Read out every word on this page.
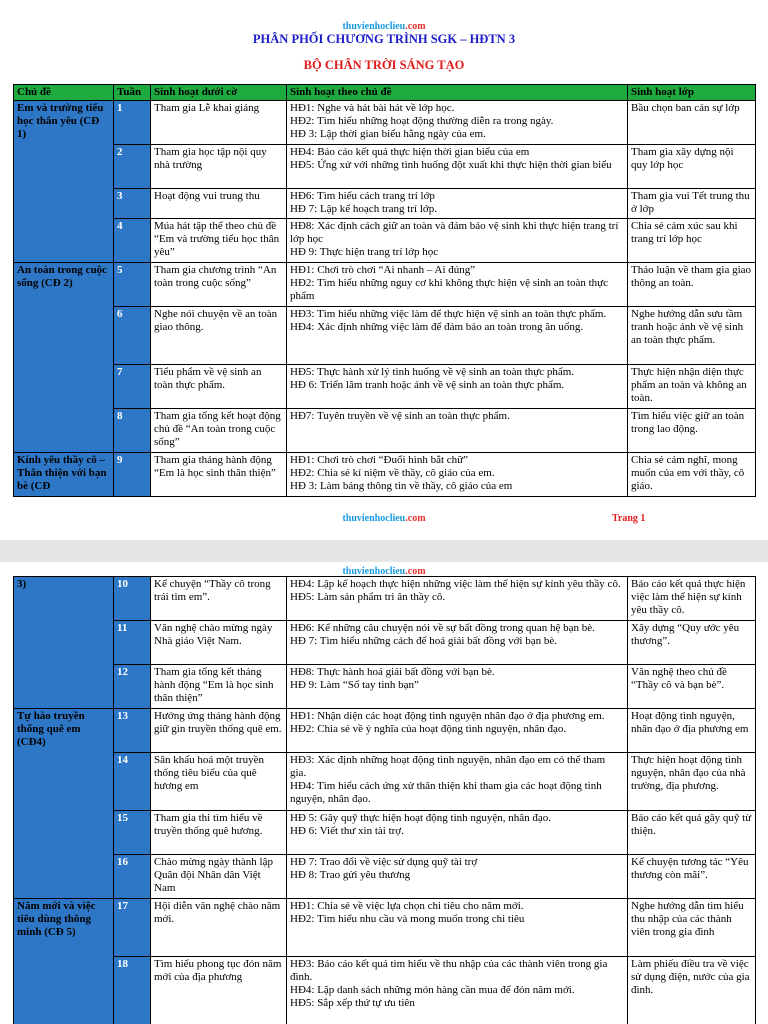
thuvienhoclieu.com
PHÂN PHỐI CHƯƠNG TRÌNH SGK – HĐTN 3
BỘ CHÂN TRỜI SÁNG TẠO
Chủ đề	Tuần	Sinh hoạt dưới cờ	Sinh hoạt theo chủ đề	Sinh hoạt lớp
Em và trường tiểu học thân yêu (CĐ 1)	1	Tham gia Lễ khai giảng	HĐ1: Nghe và hát bài hát về lớp học.
HĐ2: Tìm hiểu những hoạt động thường diễn ra trong ngày.
HĐ 3: Lập thời gian biểu hằng ngày của em.	Bầu chọn ban cán sự lớp
	2	Tham gia học tập nội quy nhà trường	HĐ4: Báo cáo kết quả thực hiện thời gian biểu của em
HĐ5: Ứng xử với những tình huống đột xuất khi thực hiện thời gian biểu	Tham gia xây dựng nội quy lớp học
	3	Hoạt động vui trung thu	HĐ6: Tìm hiểu cách trang trí lớp
HĐ 7: Lập kế hoạch trang trí lớp.	Tham gia vui Tết trung thu ở lớp
	4	Múa hát tập thể theo chủ đề “Em và trường tiểu học thân yêu”	HĐ8: Xác định cách giữ an toàn và đảm bảo vệ sinh khi thực hiện trang trí lớp học
HĐ 9: Thực hiện trang trí lớp học	Chia sẻ cảm xúc sau khi trang trí lớp học
An toàn trong cuộc sống (CĐ 2)	5	Tham gia chương trình “An toàn trong cuộc sống”	HĐ1: Chơi trò chơi “Ai nhanh – Ai đúng”
HĐ2: Tìm hiểu những nguy cơ khi không thực hiện vệ sinh an toàn thực phẩm	Thảo luận về tham gia giao thông an toàn.
	6	Nghe nói chuyện về an toàn giao thông.	HĐ3: Tìm hiểu những việc làm để thực hiện vệ sinh an toàn thực phẩm.
HĐ4: Xác định những việc làm để đảm bảo an toàn trong ăn uống.	Nghe hướng dẫn sưu tầm tranh hoặc ảnh về vệ sinh an toàn thực phẩm.
	7	Tiểu phẩm về vệ sinh an toàn thực phẩm.	HĐ5: Thực hành xử lý tình huống về vệ sinh an toàn thực phẩm.
HĐ 6: Triển lãm tranh hoặc ảnh về vệ sinh an toàn thực phẩm.	Thực hiện nhận diện thực phẩm an toàn và không an toàn.
	8	Tham gia tổng kết hoạt động chủ đề “An toàn trong cuộc sống”	HĐ7: Tuyên truyền về vệ sinh an toàn thực phẩm.	Tìm hiểu việc giữ an toàn trong lao động.
Kính yêu thầy cô – Thân thiện với bạn bè (CĐ	9	Tham gia tháng hành động “Em là học sinh thân thiện”	HĐ1: Chơi trò chơi “Đuổi hình bắt chữ”
HĐ2: Chia sẻ kỉ niệm về thầy, cô giáo của em.
HĐ 3: Làm bảng thông tin về thầy, cô giáo của em	Chia sẻ cảm nghĩ, mong muốn của em với thầy, cô giáo.
thuvienhoclieu.com	Trang 1
thuvienhoclieu.com
3)	10	Kể chuyện “Thầy cô trong trái tim em”.	HĐ4: Lập kế hoạch thực hiện những việc làm thể hiện sự kính yêu thầy cô.
HĐ5: Làm sản phẩm tri ân thầy cô.	Báo cáo kết quả thực hiện việc làm thể hiện sự kính yêu thầy cô.
	11	Văn nghệ chào mừng ngày Nhà giáo Việt Nam.	HĐ6: Kể những câu chuyện nói về sự bất đồng trong quan hệ bạn bè.
HĐ 7: Tìm hiểu những cách để hoá giải bất đồng với bạn bè.	Xây dựng “Quy ước yêu thương”.
	12	Tham gia tổng kết tháng hành động “Em là học sinh thân thiện”	HĐ8: Thực hành hoá giải bất đồng với bạn bè.
HĐ 9: Làm “Sổ tay tình bạn”	Văn nghệ theo chủ đề “Thầy cô và bạn bè”.
Tự hào truyền thống quê em (CĐ4)	13	Hưởng ứng tháng hành động giữ gìn truyền thống quê em.	HĐ1: Nhận diện các hoạt động tình nguyện nhân đạo ở địa phương em.
HĐ2: Chia sẻ về ý nghĩa của hoạt động tình nguyện, nhân đạo.	Hoạt động tình nguyện, nhân đạo ở địa phương em
	14	Sân khấu hoá một truyền thống tiêu biểu của quê hương em	HĐ3: Xác định những hoạt động tình nguyện, nhân đạo em có thể tham gia.
HĐ4: Tìm hiểu cách ứng xử thân thiện khi tham gia các hoạt động tình nguyện, nhân đạo.	Thực hiện hoạt động tình nguyện, nhân đạo của nhà trường, địa phương.
	15	Tham gia thi tìm hiểu về truyền thống quê hương.	HĐ 5: Gây quỹ thực hiện hoạt động tình nguyện, nhân đạo.
HĐ 6: Viết thư xin tài trợ.	Báo cáo kết quả gây quỹ từ thiện.
	16	Chào mừng ngày thành lập Quân đội Nhân dân Việt Nam	HĐ 7: Trao đổi về việc sử dụng quỹ tài trợ
HĐ 8: Trao gửi yêu thương	Kể chuyện tương tác “Yêu thương còn mãi”.
Năm mới và việc tiêu dùng thông minh (CĐ 5)	17	Hội diễn văn nghệ chào năm mới.	HĐ1: Chia sẻ về việc lựa chọn chi tiêu cho năm mới.
HĐ2: Tìm hiểu nhu cầu và mong muốn trong chi tiêu	Nghe hướng dẫn tìm hiểu thu nhập của các thành viên trong gia đình
	18	Tìm hiểu phong tục đón năm mới của địa phương	HĐ3: Báo cáo kết quả tìm hiểu về thu nhập của các thành viên trong gia đình.
HĐ4: Lập danh sách những món hàng cần mua để đón năm mới.
HĐ5: Sắp xếp thứ tự ưu tiên	Làm phiếu điều tra về việc sử dụng điện, nước của gia đình.
